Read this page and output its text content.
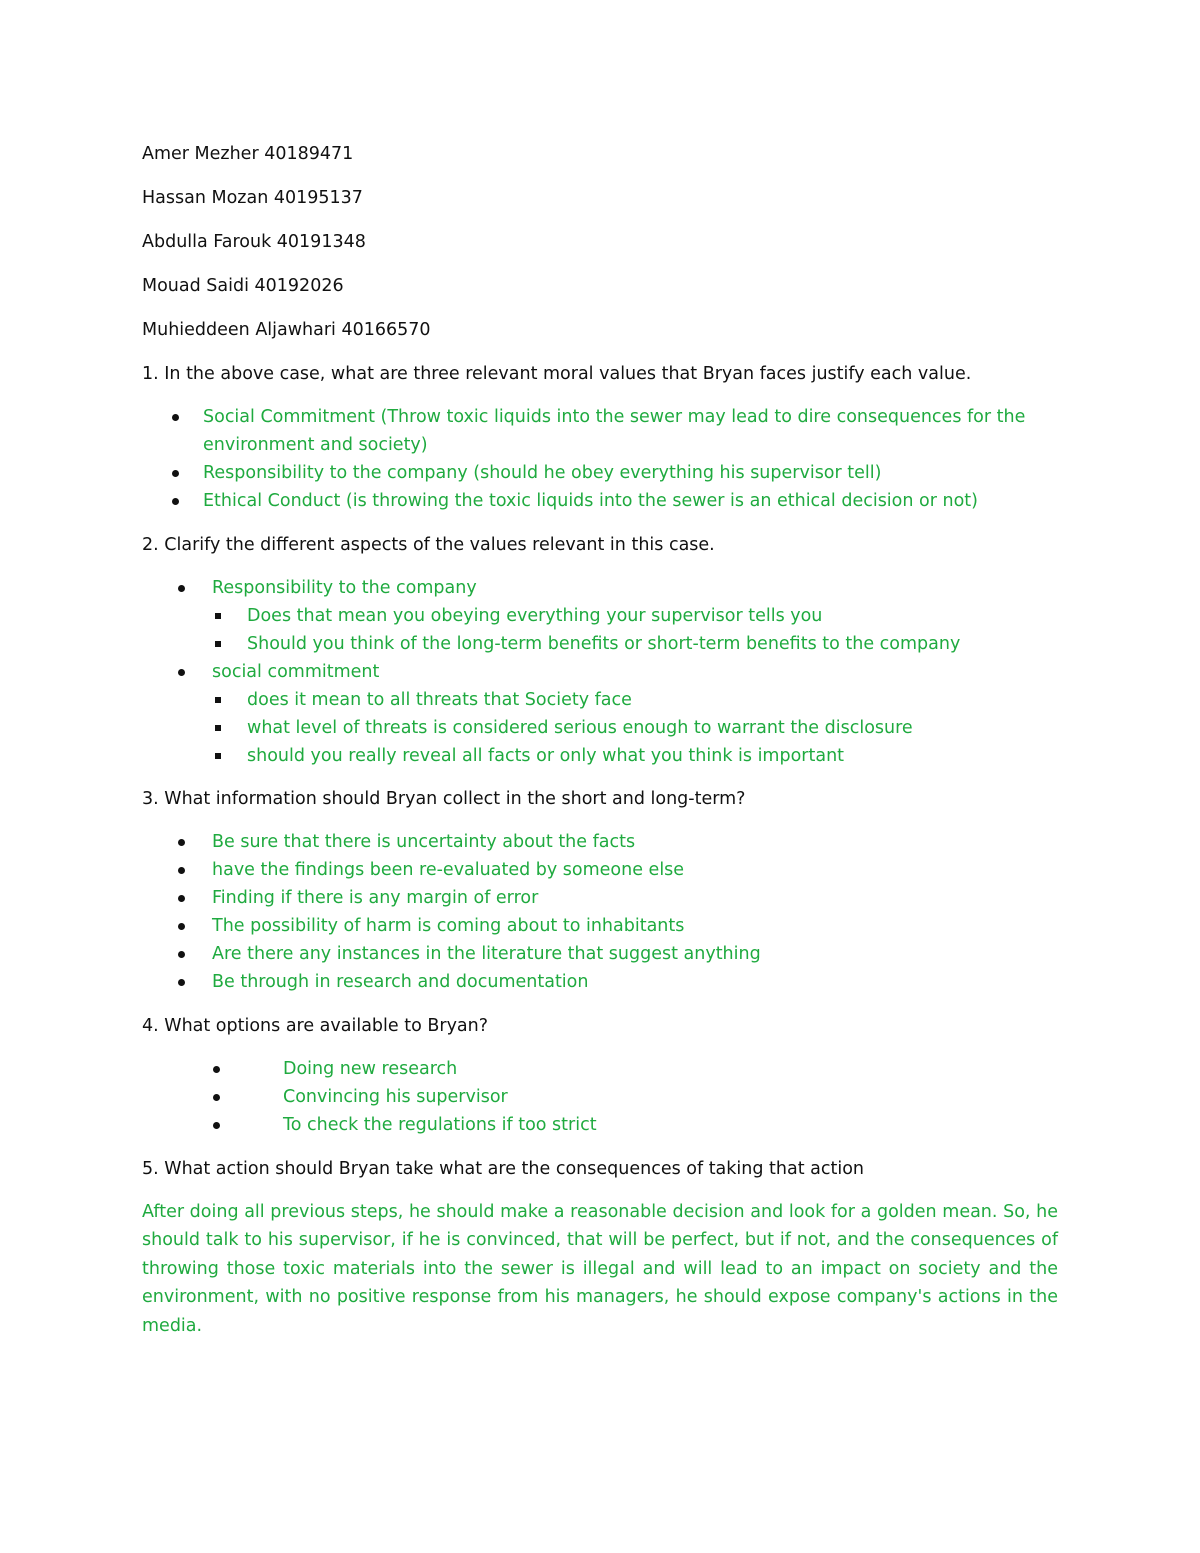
Amer Mezher 40189471

Hassan Mozan 40195137

Abdulla Farouk 40191348

Mouad Saidi 40192026

Muhieddeen Aljawhari 40166570

1. In the above case, what are three relevant moral values that Bryan faces justify each value.

Social Commitment (Throw toxic liquids into the sewer may lead to dire consequences for the environment and society)
Responsibility to the company (should he obey everything his supervisor tell)
Ethical Conduct (is throwing the toxic liquids into the sewer is an ethical decision or not)

2. Clarify the different aspects of the values relevant in this case.

Responsibility to the company
Does that mean you obeying everything your supervisor tells you
Should you think of the long-term benefits or short-term benefits to the company
social commitment
does it mean to all threats that Society face
what level of threats is considered serious enough to warrant the disclosure
should you really reveal all facts or only what you think is important

3. What information should Bryan collect in the short and long-term?

Be sure that there is uncertainty about the facts
have the findings been re-evaluated by someone else
Finding if there is any margin of error
The possibility of harm is coming about to inhabitants
Are there any instances in the literature that suggest anything
Be through in research and documentation

4. What options are available to Bryan?

Doing new research
Convincing his supervisor
To check the regulations if too strict

5. What action should Bryan take what are the consequences of taking that action

After doing all previous steps, he should make a reasonable decision and look for a golden mean. So, he should talk to his supervisor, if he is convinced, that will be perfect, but if not, and the consequences of throwing those toxic materials into the sewer is illegal and will lead to an impact on society and the environment, with no positive response from his managers, he should expose company's actions in the media.
